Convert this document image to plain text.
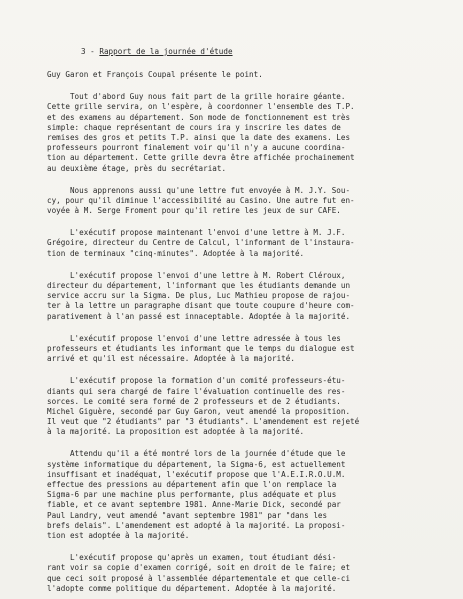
3 - Rapport de la journée d'étude
Guy Garon et François Coupal présente le point.
Tout d'abord Guy nous fait part de la grille horaire géante.
Cette grille servira, on l'espère, à coordonner l'ensemble des T.P.
et des examens au département. Son mode de fonctionnement est très
simple: chaque représentant de cours ira y inscrire les dates de
remises des gros et petits T.P. ainsi que la date des examens. Les
professeurs pourront finalement voir qu'il n'y a aucune coordina-
tion au département. Cette grille devra être affichée prochainement
au deuxième étage, près du secrétariat.
Nous apprenons aussi qu'une lettre fut envoyée à M. J.Y. Sou-
cy, pour qu'il diminue l'accessibilité au Casino. Une autre fut en-
voyée à M. Serge Froment pour qu'il retire les jeux de sur CAFE.
L'exécutif propose maintenant l'envoi d'une lettre à M. J.F.
Grégoire, directeur du Centre de Calcul, l'informant de l'instaura-
tion de terminaux "cinq-minutes". Adoptée à la majorité.
L'exécutif propose l'envoi d'une lettre à M. Robert Cléroux,
directeur du département, l'informant que les étudiants demande un
service accru sur la Sigma. De plus, Luc Mathieu propose de rajou-
ter à la lettre un paragraphe disant que toute coupure d'heure com-
parativement à l'an passé est innaceptable. Adoptée à la majorité.
L'exécutif propose l'envoi d'une lettre adressée à tous les
professeurs et étudiants les informant que le temps du dialogue est
arrivé et qu'il est nécessaire. Adoptée à la majorité.
L'exécutif propose la formation d'un comité professeurs-étu-
diants qui sera chargé de faire l'évaluation continuelle des res-
sorces. Le comité sera formé de 2 professeurs et de 2 étudiants.
Michel Giguère, secondé par Guy Garon, veut amendé la proposition.
Il veut que "2 étudiants" par "3 étudiants". L'amendement est rejeté
à la majorité. La proposition est adoptée à la majorité.
Attendu qu'il a été montré lors de la journée d'étude que le
système informatique du département, la Sigma-6, est actuellement
insuffisant et inadéquat, l'exécutif propose que l'A.E.I.R.O.U.M.
effectue des pressions au département afin que l'on remplace la
Sigma-6 par une machine plus performante, plus adéquate et plus
fiable, et ce avant septembre 1981. Anne-Marie Dick, secondé par
Paul Landry, veut amendé "avant septembre 1981" par "dans les
brefs delais". L'amendement est adopté à la majorité. La proposi-
tion est adoptée à la majorité.
L'exécutif propose qu'après un examen, tout étudiant dési-
rant voir sa copie d'examen corrigé, soit en droit de le faire; et
que ceci soit proposé à l'assemblée départementale et que celle-ci
l'adopte comme politique du département. Adoptée à la majorité.
